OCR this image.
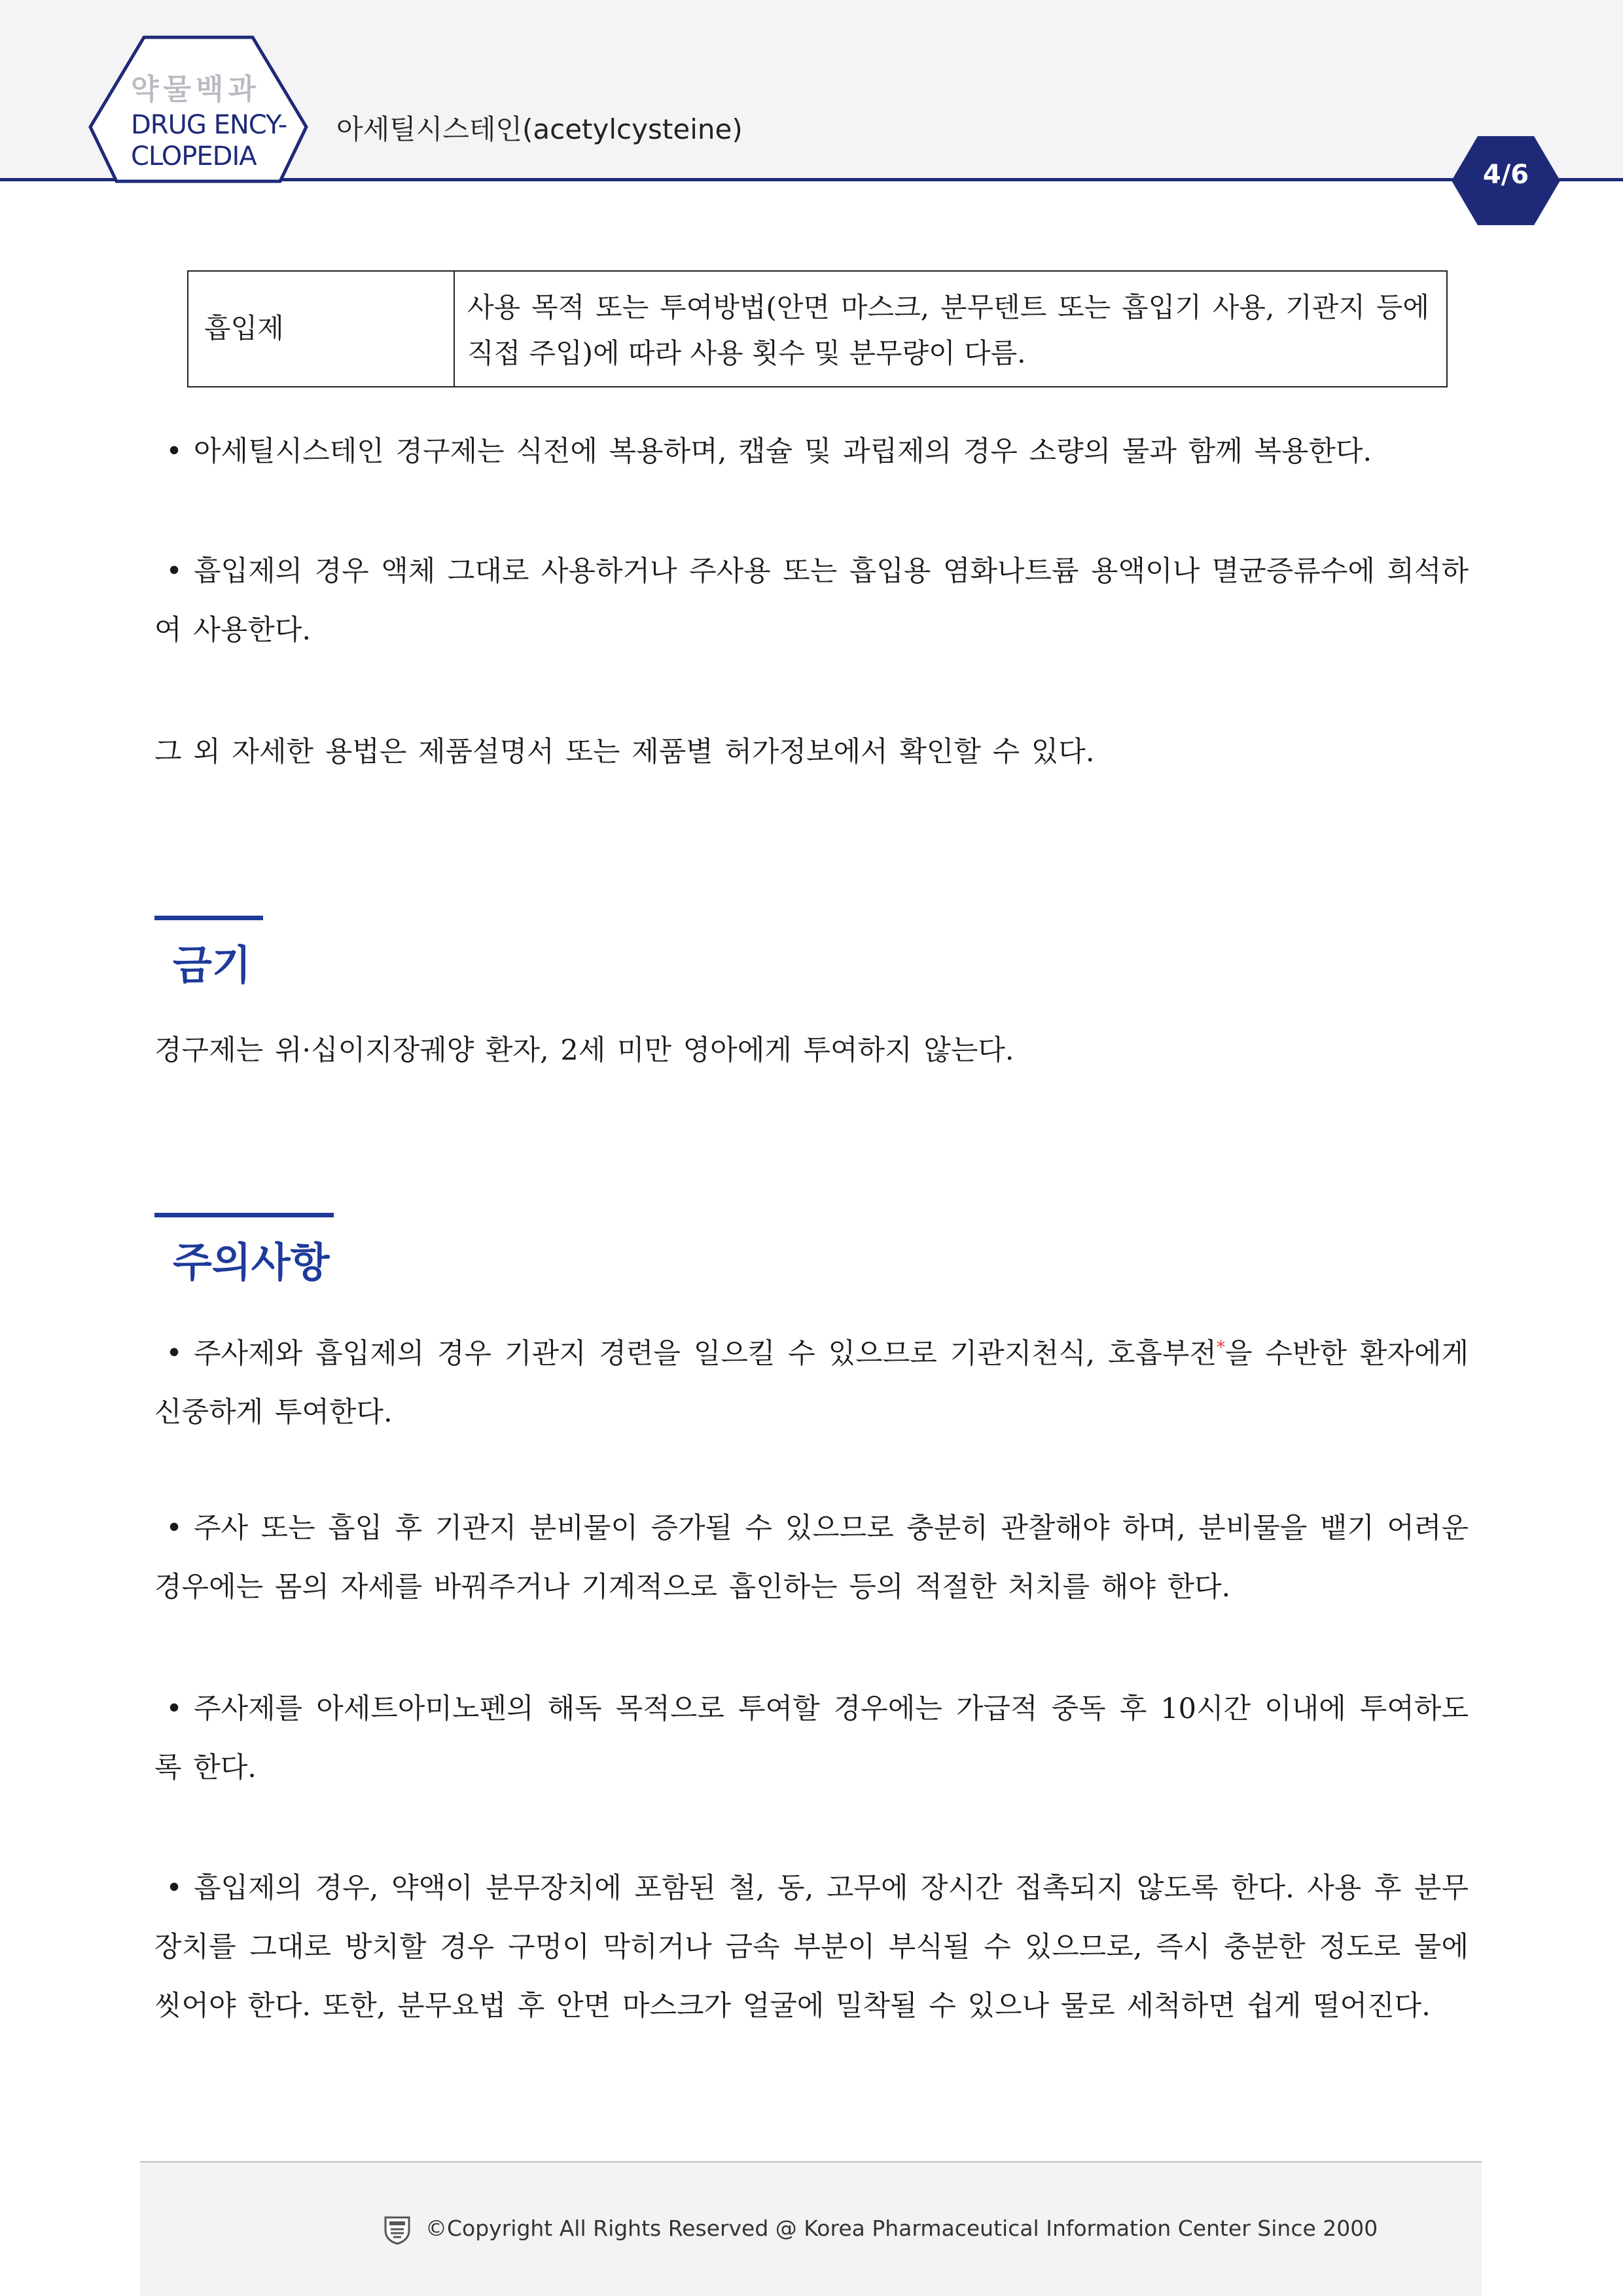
약물백과
DRUG ENCY-
CLOPEDIA
아세틸시스테인(acetylcysteine)
4/6
흡입제
사용 목적 또는 투여방법(안면 마스크, 분무텐트 또는 흡입기 사용, 기관지 등에
직접 주입)에 따라 사용 횟수 및 분무량이 다름.
• 아세틸시스테인 경구제는 식전에 복용하며, 캡슐 및 과립제의 경우 소량의 물과 함께 복용한다.
• 흡입제의 경우 액체 그대로 사용하거나 주사용 또는 흡입용 염화나트륨 용액이나 멸균증류수에 희석하여 사용한다.
그 외 자세한 용법은 제품설명서 또는 제품별 허가정보에서 확인할 수 있다.
금기
경구제는 위·십이지장궤양 환자, 2세 미만 영아에게 투여하지 않는다.
주의사항
• 주사제와 흡입제의 경우 기관지 경련을 일으킬 수 있으므로 기관지천식, 호흡부전*을 수반한 환자에게 신중하게 투여한다.
• 주사 또는 흡입 후 기관지 분비물이 증가될 수 있으므로 충분히 관찰해야 하며, 분비물을 뱉기 어려운 경우에는 몸의 자세를 바꿔주거나 기계적으로 흡인하는 등의 적절한 처치를 해야 한다.
• 주사제를 아세트아미노펜의 해독 목적으로 투여할 경우에는 가급적 중독 후 10시간 이내에 투여하도록 한다.
• 흡입제의 경우, 약액이 분무장치에 포함된 철, 동, 고무에 장시간 접촉되지 않도록 한다. 사용 후 분무장치를 그대로 방치할 경우 구멍이 막히거나 금속 부분이 부식될 수 있으므로, 즉시 충분한 정도로 물에 씻어야 한다. 또한, 분무요법 후 안면 마스크가 얼굴에 밀착될 수 있으나 물로 세척하면 쉽게 떨어진다.
©Copyright All Rights Reserved @ Korea Pharmaceutical Information Center Since 2000
